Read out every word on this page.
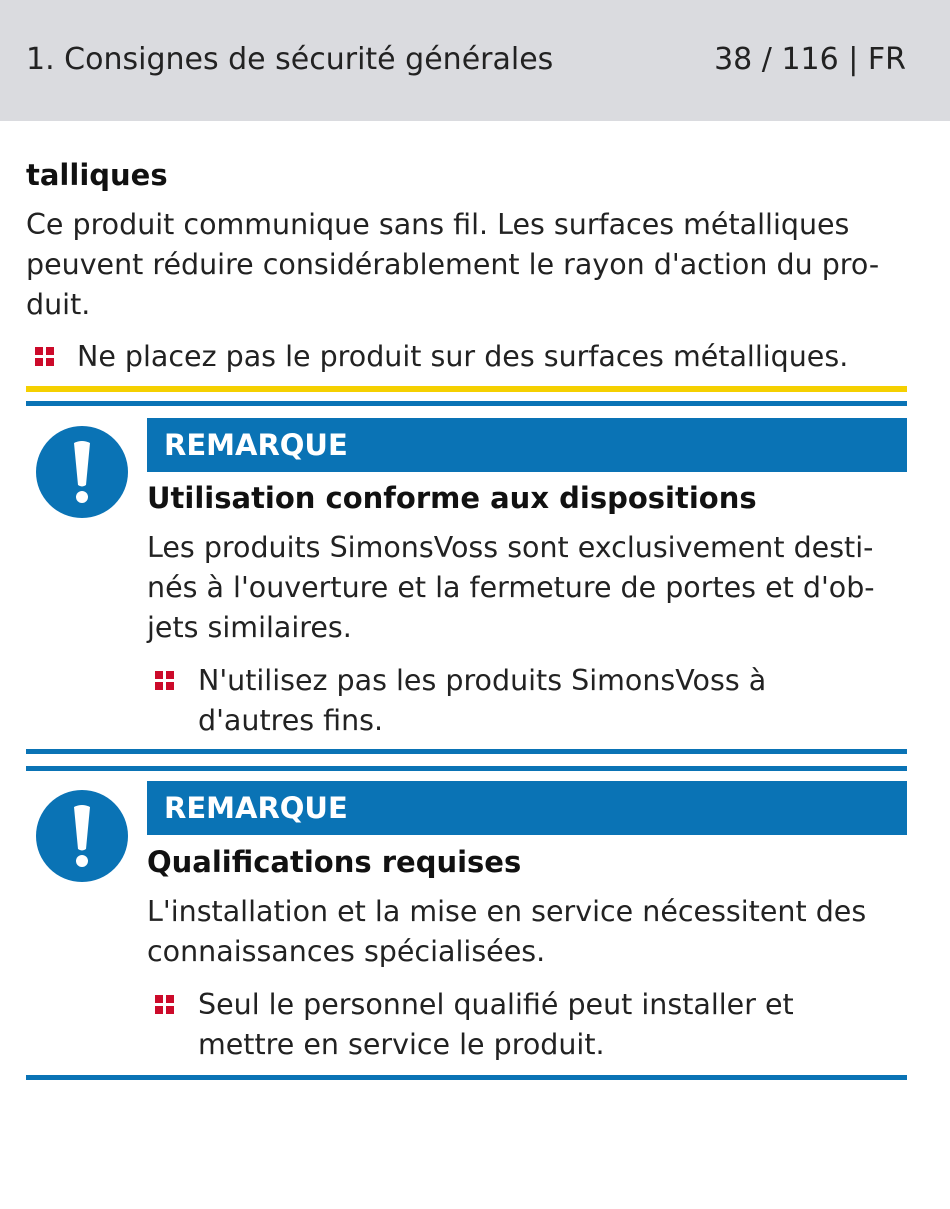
1. Consignes de sécurité générales	38 / 116 | FR
talliques
Ce produit communique sans fil. Les surfaces métalliques
peuvent réduire considérablement le rayon d'action du pro-
duit.
Ne placez pas le produit sur des surfaces métalliques.
REMARQUE
Utilisation conforme aux dispositions
Les produits SimonsVoss sont exclusivement desti-
nés à l'ouverture et la fermeture de portes et d'ob-
jets similaires.
N'utilisez pas les produits SimonsVoss à
d'autres fins.
REMARQUE
Qualifications requises
L'installation et la mise en service nécessitent des
connaissances spécialisées.
Seul le personnel qualifié peut installer et
mettre en service le produit.
